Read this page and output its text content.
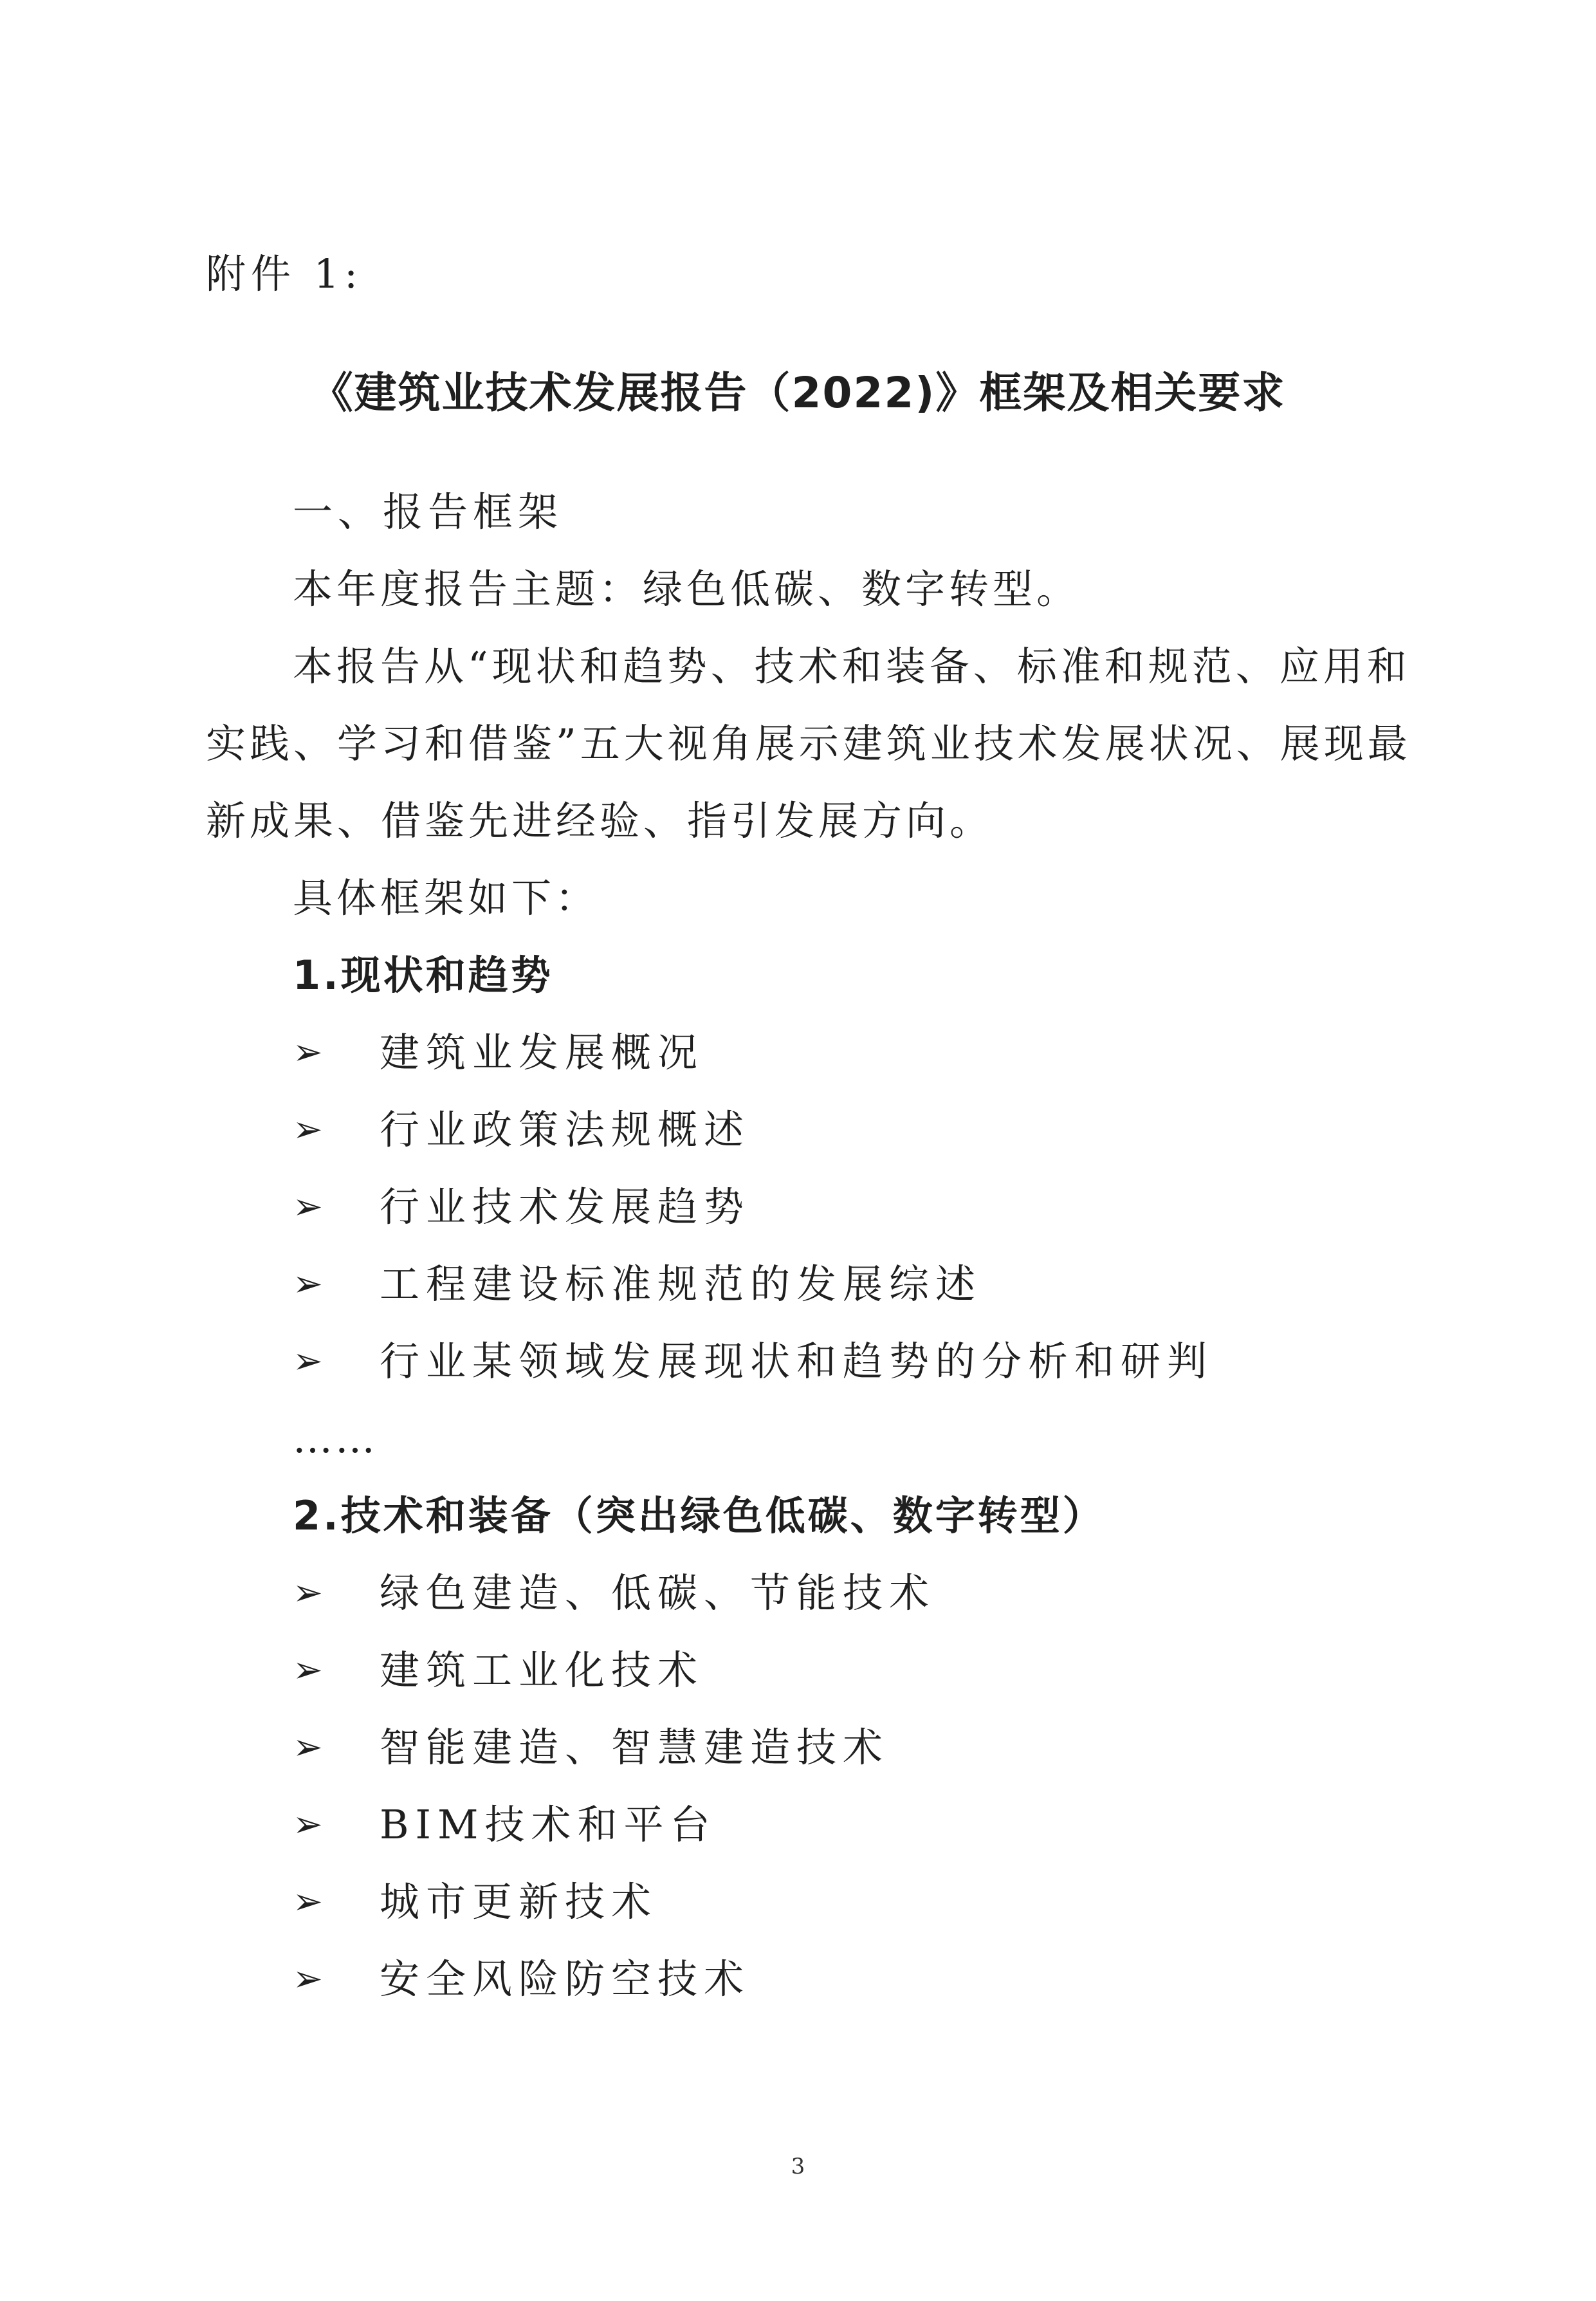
附件 1:
《建筑业技术发展报告（2022)》框架及相关要求
一、报告框架
本年度报告主题：绿色低碳、数字转型。
本报告从“现状和趋势、技术和装备、标准和规范、应用和
实践、学习和借鉴”五大视角展示建筑业技术发展状况、展现最
新成果、借鉴先进经验、指引发展方向。
具体框架如下：
1.现状和趋势
➢	建筑业发展概况
➢	行业政策法规概述
➢	行业技术发展趋势
➢	工程建设标准规范的发展综述
➢	行业某领域发展现状和趋势的分析和研判
……
2.技术和装备（突出绿色低碳、数字转型）
➢	绿色建造、低碳、节能技术
➢	建筑工业化技术
➢	智能建造、智慧建造技术
➢	BIM技术和平台
➢	城市更新技术
➢	安全风险防空技术
3
